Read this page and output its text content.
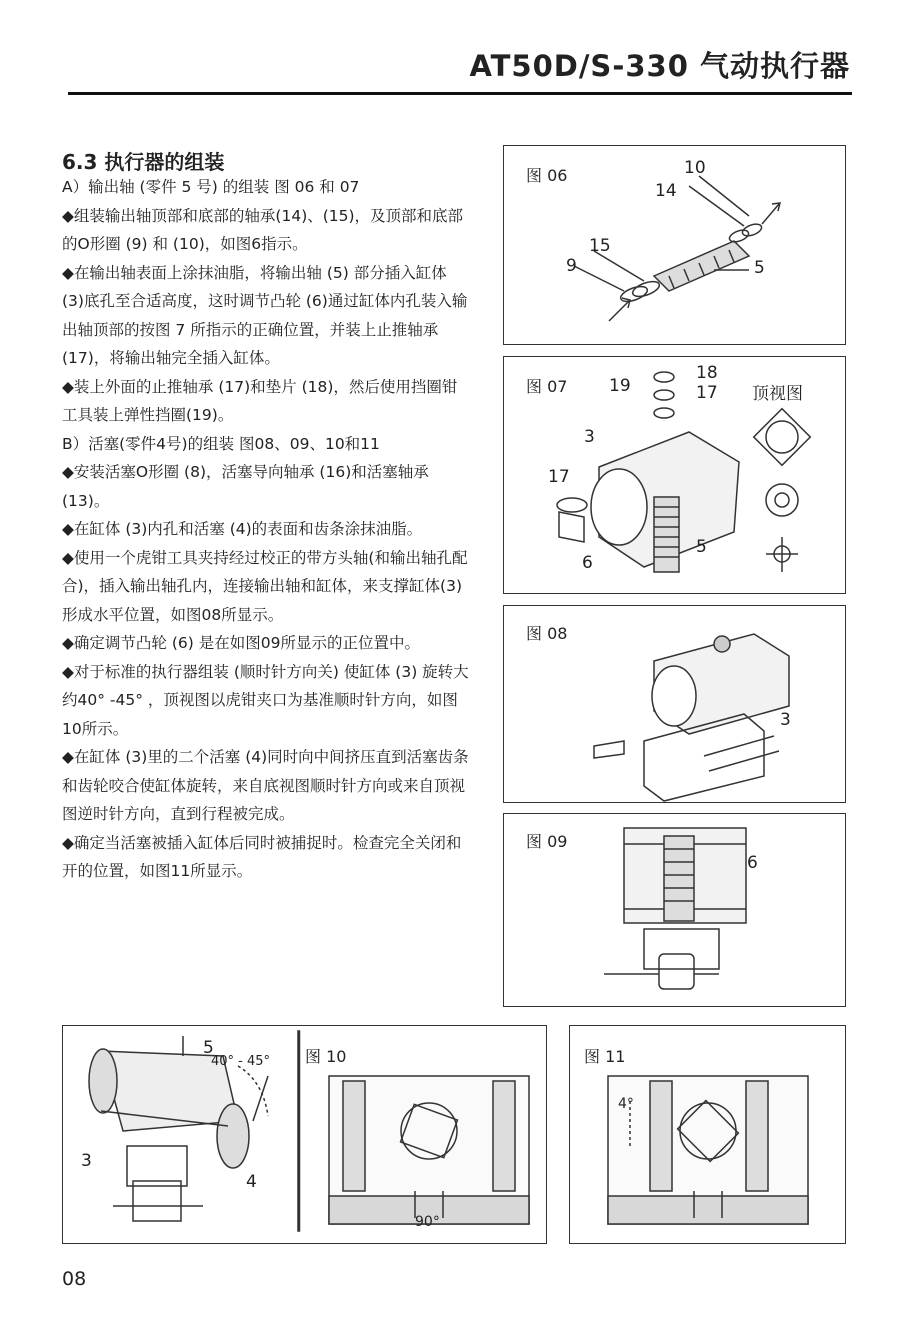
AT50D/S-330 气动执行器
6.3 执行器的组装

A）输出轴 (零件 5 号) 的组装 图 06 和 07

◆组装输出轴顶部和底部的轴承(14)、(15)，及顶部和底部的O形圈 (9) 和 (10)，如图6指示。

◆在输出轴表面上涂抹油脂，将输出轴 (5) 部分插入缸体 (3)底孔至合适高度，这时调节凸轮 (6)通过缸体内孔装入输出轴顶部的按图 7 所指示的正确位置，并装上止推轴承 (17)，将输出轴完全插入缸体。

◆装上外面的止推轴承 (17)和垫片 (18)，然后使用挡圈钳工具装上弹性挡圈(19)。

B）活塞(零件4号)的组装 图08、09、10和11

◆安装活塞O形圈 (8)，活塞导向轴承 (16)和活塞轴承 (13)。

◆在缸体 (3)内孔和活塞 (4)的表面和齿条涂抹油脂。

◆使用一个虎钳工具夹持经过校正的带方头轴(和输出轴孔配合)，插入输出轴孔内，连接输出轴和缸体，来支撑缸体(3)形成水平位置，如图08所显示。

◆确定调节凸轮 (6) 是在如图09所显示的正位置中。

◆对于标准的执行器组装 (顺时针方向关) 使缸体 (3) 旋转大约40° -45° ，顶视图以虎钳夹口为基准顺时针方向，如图10所示。

◆在缸体 (3)里的二个活塞 (4)同时向中间挤压直到活塞齿条和齿轮咬合使缸体旋转，来自底视图顺时针方向或来自顶视图逆时针方向，直到行程被完成。

◆确定当活塞被插入缸体后同时被捕捉时。检查完全关闭和开的位置，如图11所显示。

图 06	10
14
15
9	5
图 07	顶视图
18
19	17
3
17
5
6
图 08
3
图 09
6
5
40° - 45°
3
4
图 10
90°
图 11
4°
08
